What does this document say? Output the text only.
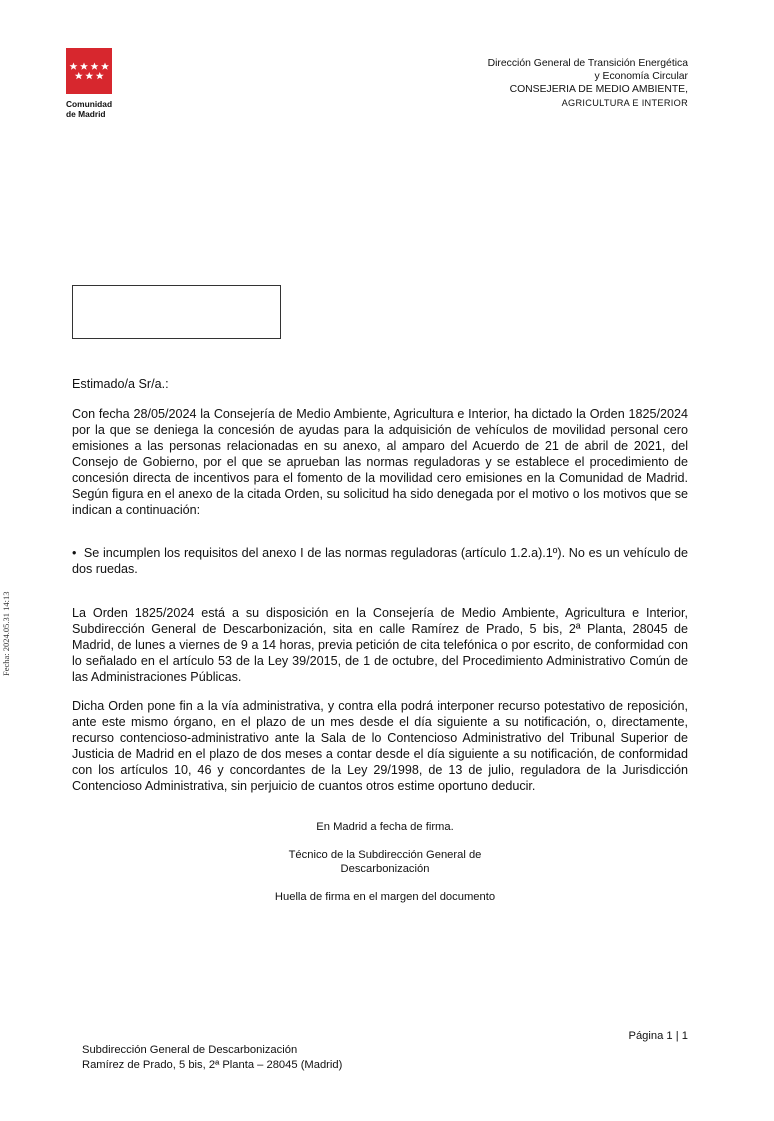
Comunidad
de Madrid
Dirección General de Transición Energética
y Economía Circular
CONSEJERIA DE MEDIO AMBIENTE,
AGRICULTURA E INTERIOR
Fecha: 2024.05.31 14:13

Estimado/a Sr/a.:

Con fecha 28/05/2024 la Consejería de Medio Ambiente, Agricultura e Interior, ha dictado la Orden 1825/2024 por la que se deniega la concesión de ayudas para la adquisición de vehículos de movilidad personal cero emisiones a las personas relacionadas en su anexo, al amparo del Acuerdo de 21 de abril de 2021, del Consejo de Gobierno, por el que se aprueban las normas reguladoras y se establece el procedimiento de concesión directa de incentivos para el fomento de la movilidad cero emisiones en la Comunidad de Madrid. Según figura en el anexo de la citada Orden, su solicitud ha sido denegada por el motivo o los motivos que se indican a continuación:

• Se incumplen los requisitos del anexo I de las normas reguladoras (artículo 1.2.a).1º). No es un vehículo de dos ruedas.
La Orden 1825/2024 está a su disposición en la Consejería de Medio Ambiente, Agricultura e Interior, Subdirección General de Descarbonización, sita en calle Ramírez de Prado, 5 bis, 2ª Planta, 28045 de Madrid, de lunes a viernes de 9 a 14 horas, previa petición de cita telefónica o por escrito, de conformidad con lo señalado en el artículo 53 de la Ley 39/2015, de 1 de octubre, del Procedimiento Administrativo Común de las Administraciones Públicas.
Dicha Orden pone fin a la vía administrativa, y contra ella podrá interponer recurso potestativo de reposición, ante este mismo órgano, en el plazo de un mes desde el día siguiente a su notificación, o, directamente, recurso contencioso-administrativo ante la Sala de lo Contencioso Administrativo del Tribunal Superior de Justicia de Madrid en el plazo de dos meses a contar desde el día siguiente a su notificación, de conformidad con los artículos 10, 46 y concordantes de la Ley 29/1998, de 13 de julio, reguladora de la Jurisdicción Contencioso Administrativa, sin perjuicio de cuantos otros estime oportuno deducir.
En Madrid a fecha de firma.
Técnico de la Subdirección General de
Descarbonización
Huella de firma en el margen del documento
Página 1 | 1
Subdirección General de Descarbonización
Ramírez de Prado, 5 bis, 2ª Planta – 28045 (Madrid)
